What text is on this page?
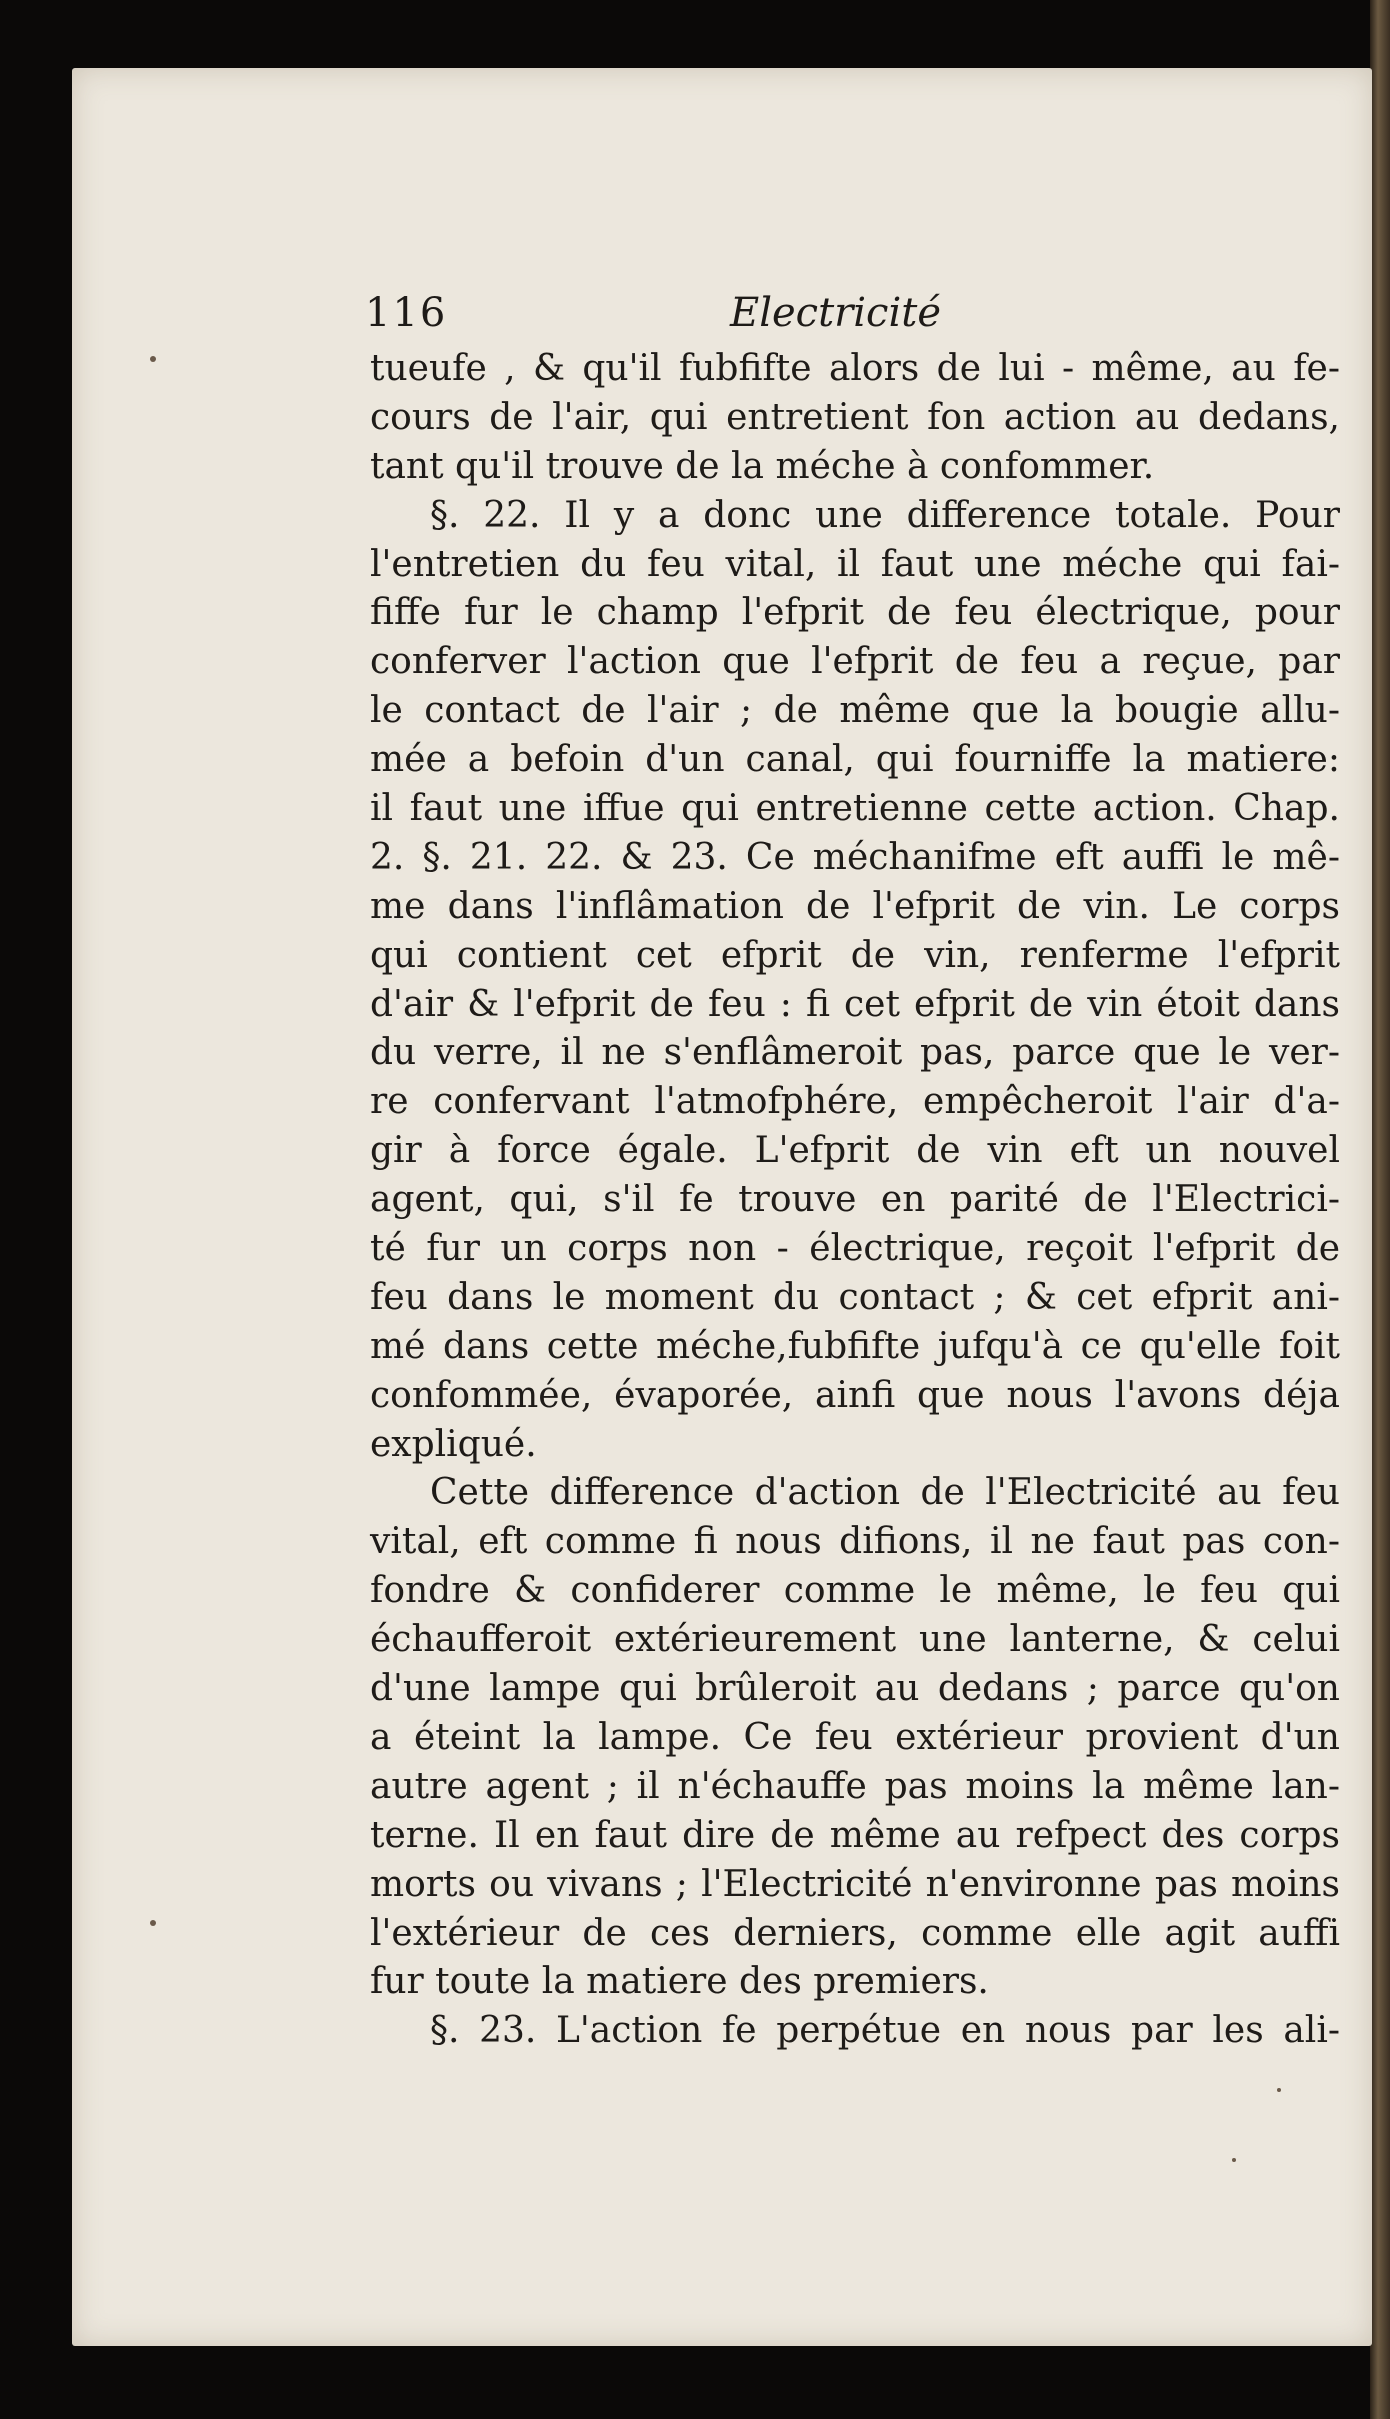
116	Electricité
tueufe , & qu'il fubfifte alors de lui - même, au fe-
cours de l'air, qui entretient fon action au dedans,
tant qu'il trouve de la méche à confommer.
§. 22. Il y a donc une difference totale. Pour
l'entretien du feu vital, il faut une méche qui fai-
fiffe fur le champ l'efprit de feu électrique, pour
conferver l'action que l'efprit de feu a reçue, par
le contact de l'air ; de même que la bougie allu-
mée a befoin d'un canal, qui fourniffe la matiere:
il faut une iffue qui entretienne cette action. Chap.
2. §. 21. 22. & 23. Ce méchanifme eft auffi le mê-
me dans l'inflâmation de l'efprit de vin. Le corps
qui contient cet efprit de vin, renferme l'efprit
d'air & l'efprit de feu : fi cet efprit de vin étoit dans
du verre, il ne s'enflâmeroit pas, parce que le ver-
re confervant l'atmofphére, empêcheroit l'air d'a-
gir à force égale. L'efprit de vin eft un nouvel
agent, qui, s'il fe trouve en parité de l'Electrici-
té fur un corps non - électrique, reçoit l'efprit de
feu dans le moment du contact ; & cet efprit ani-
mé dans cette méche,fubfifte jufqu'à ce qu'elle foit
confommée, évaporée, ainfi que nous l'avons déja
expliqué.
Cette difference d'action de l'Electricité au feu
vital, eft comme fi nous difions, il ne faut pas con-
fondre & confiderer comme le même, le feu qui
échaufferoit extérieurement une lanterne, & celui
d'une lampe qui brûleroit au dedans ; parce qu'on
a éteint la lampe. Ce feu extérieur provient d'un
autre agent ; il n'échauffe pas moins la même lan-
terne. Il en faut dire de même au refpect des corps
morts ou vivans ; l'Electricité n'environne pas moins
l'extérieur de ces derniers, comme elle agit auffi
fur toute la matiere des premiers.
§. 23. L'action fe perpétue en nous par les ali-
